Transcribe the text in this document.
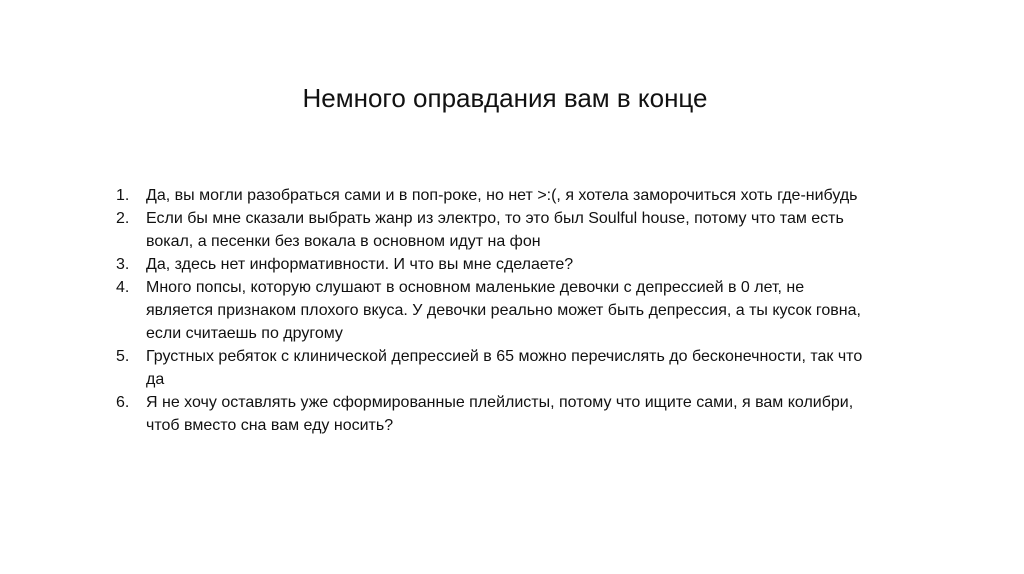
Немного оправдания вам в конце
1.	Да, вы могли разобраться сами и в поп-роке, но нет >:(, я хотела заморочиться хоть где-нибудь
2.	Если бы мне сказали выбрать жанр из электро, то это был Soulful house, потому что там есть
вокал, а песенки без вокала в основном идут на фон
3.	Да, здесь нет информативности. И что вы мне сделаете?
4.	Много попсы, которую слушают в основном маленькие девочки с депрессией в 0 лет, не
является признаком плохого вкуса. У девочки реально может быть депрессия, а ты кусок говна,
если считаешь по другому
5.	Грустных ребяток с клинической депрессией в 65 можно перечислять до бесконечности, так что
да
6.	Я не хочу оставлять уже сформированные плейлисты, потому что ищите сами, я вам колибри,
чтоб вместо сна вам еду носить?
